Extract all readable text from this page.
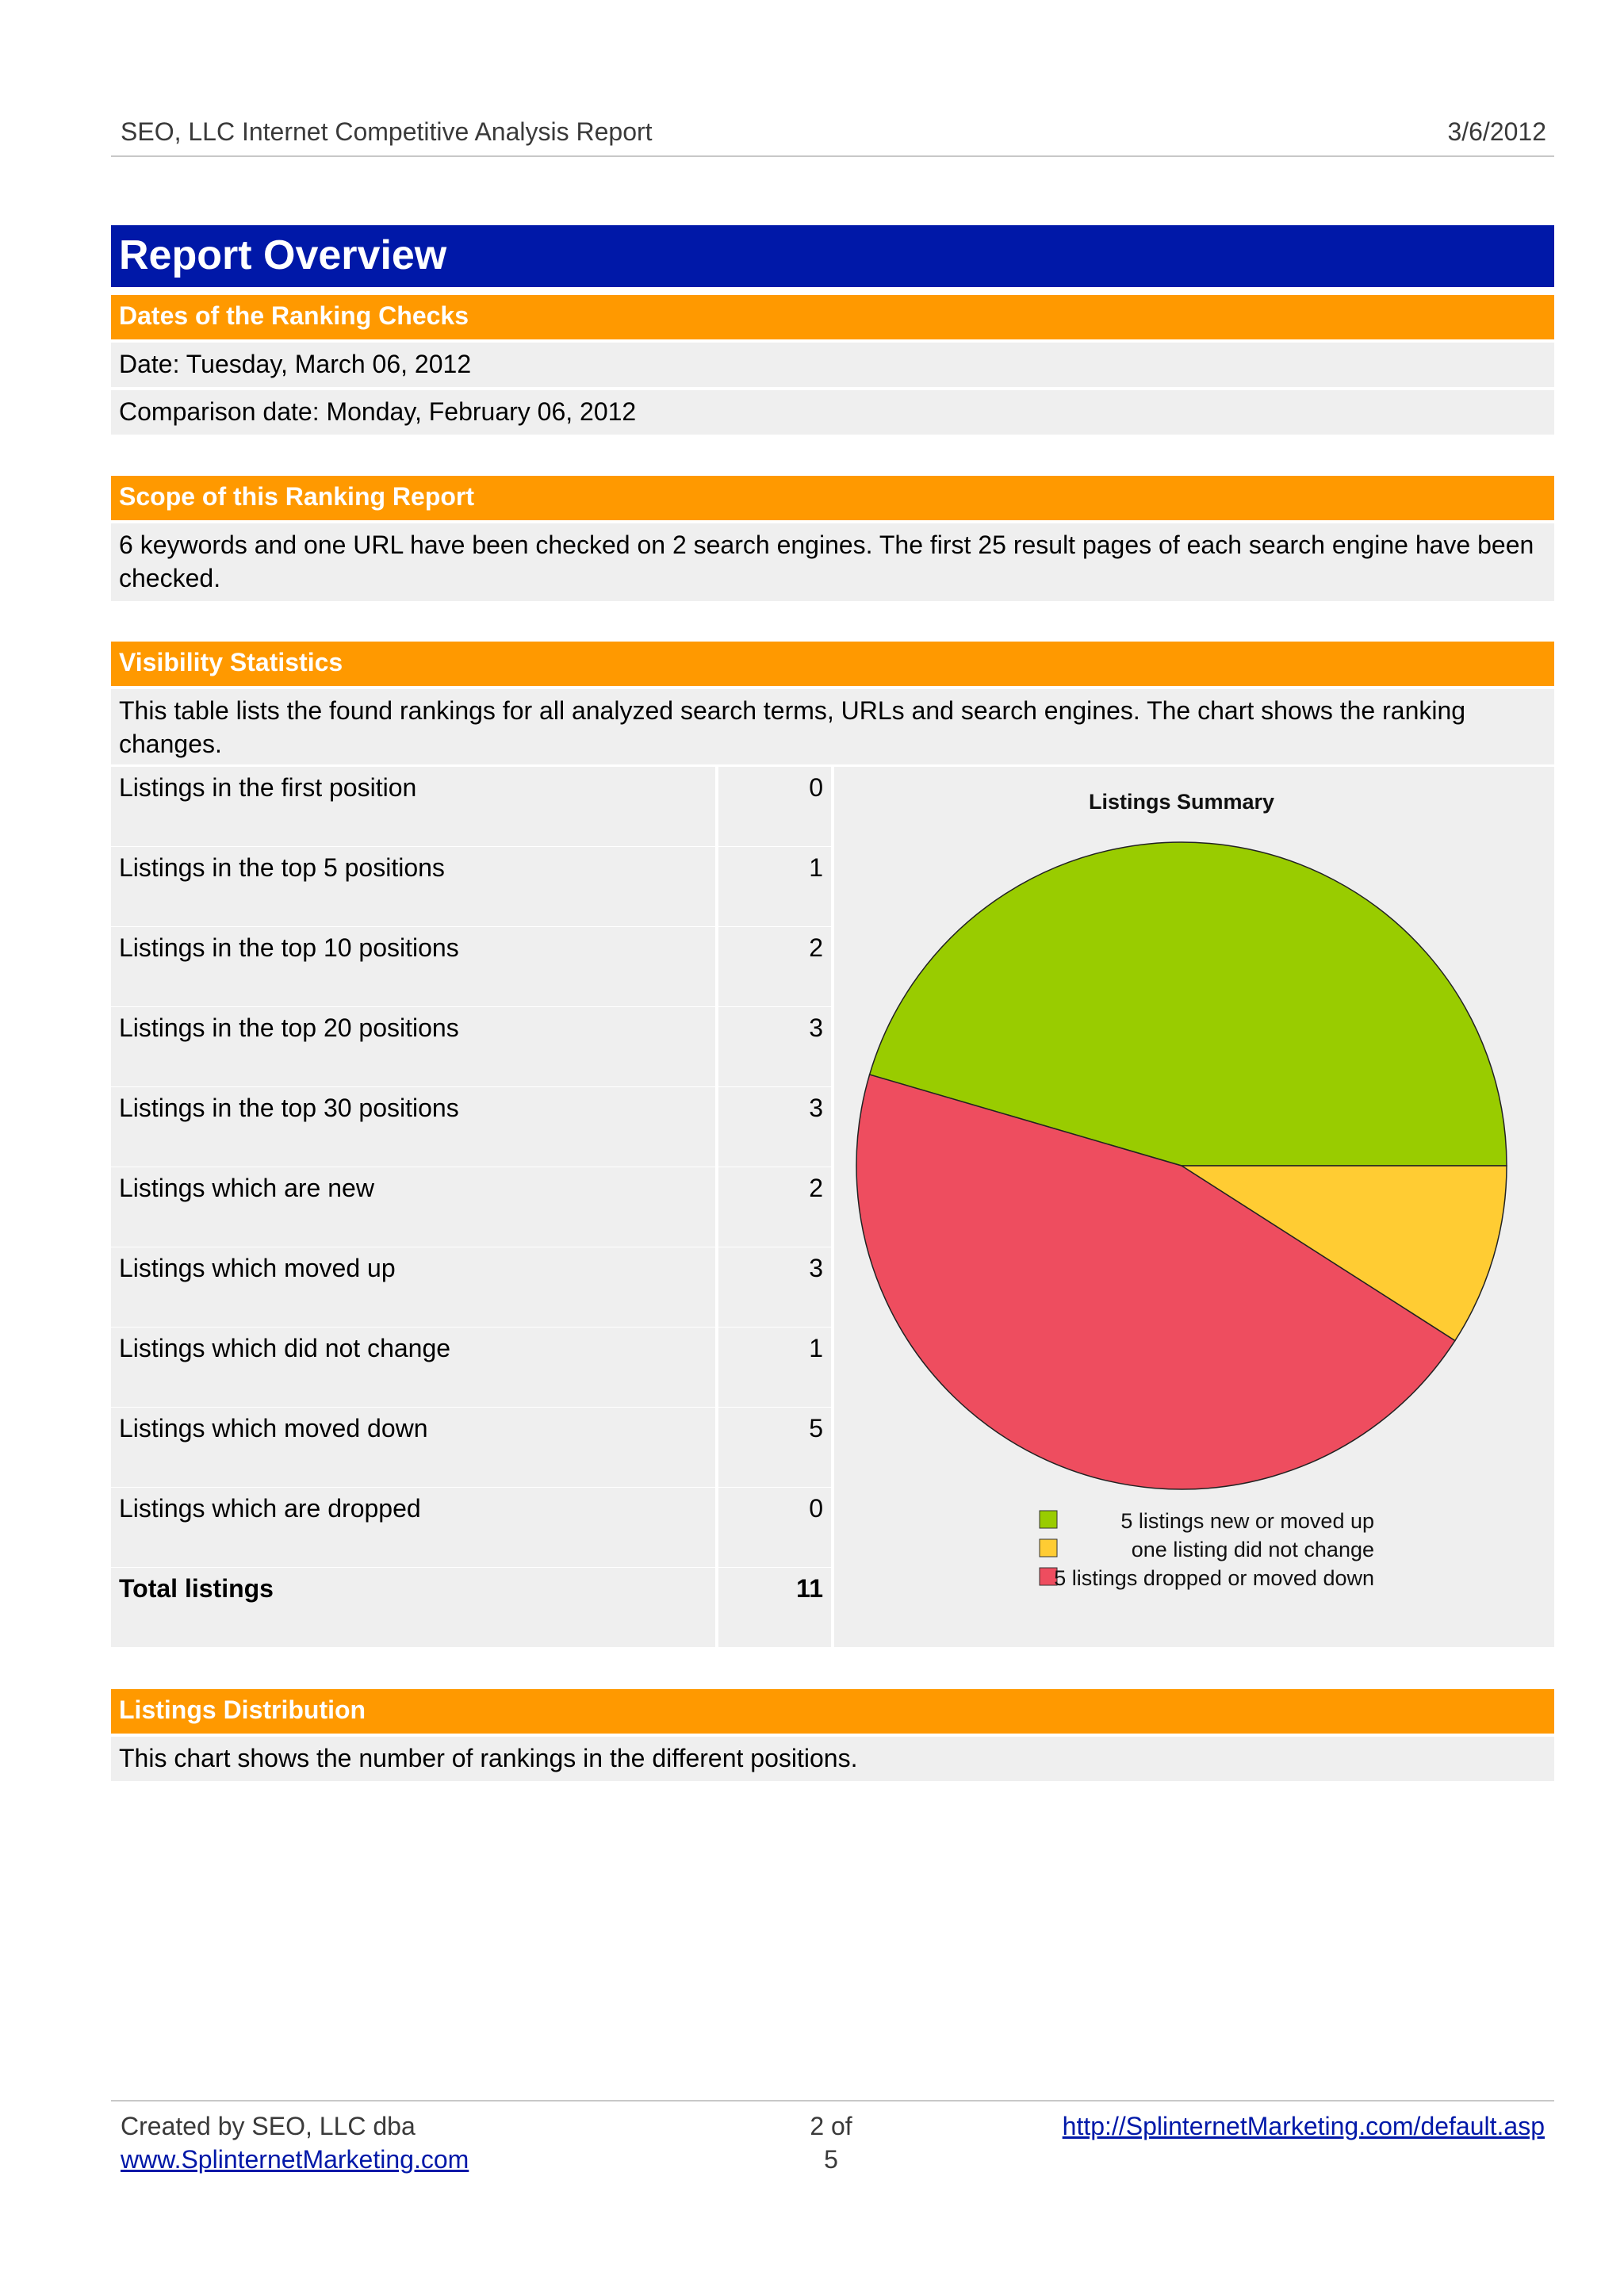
SEO, LLC Internet Competitive Analysis Report	3/6/2012
Report Overview
Dates of the Ranking Checks
Date: Tuesday, March 06, 2012
Comparison date: Monday, February 06, 2012
Scope of this Ranking Report
6 keywords and one URL have been checked on 2 search engines. The first 25 result pages of each search engine have been checked.
Visibility Statistics
This table lists the found rankings for all analyzed search terms, URLs and search engines. The chart shows the ranking changes.
Listings in the first position	0
Listings in the top 5 positions	1
Listings in the top 10 positions	2
Listings in the top 20 positions	3
Listings in the top 30 positions	3
Listings which are new	2
Listings which moved up	3
Listings which did not change	1
Listings which moved down	5
Listings which are dropped	0
Total listings	11
Listings Summary
5 listings new or moved up
one listing did not change
5 listings dropped or moved down
Listings Distribution
This chart shows the number of rankings in the different positions.
Created by SEO, LLC dba
www.SplinternetMarketing.com
2 of
5
http://SplinternetMarketing.com/default.asp
